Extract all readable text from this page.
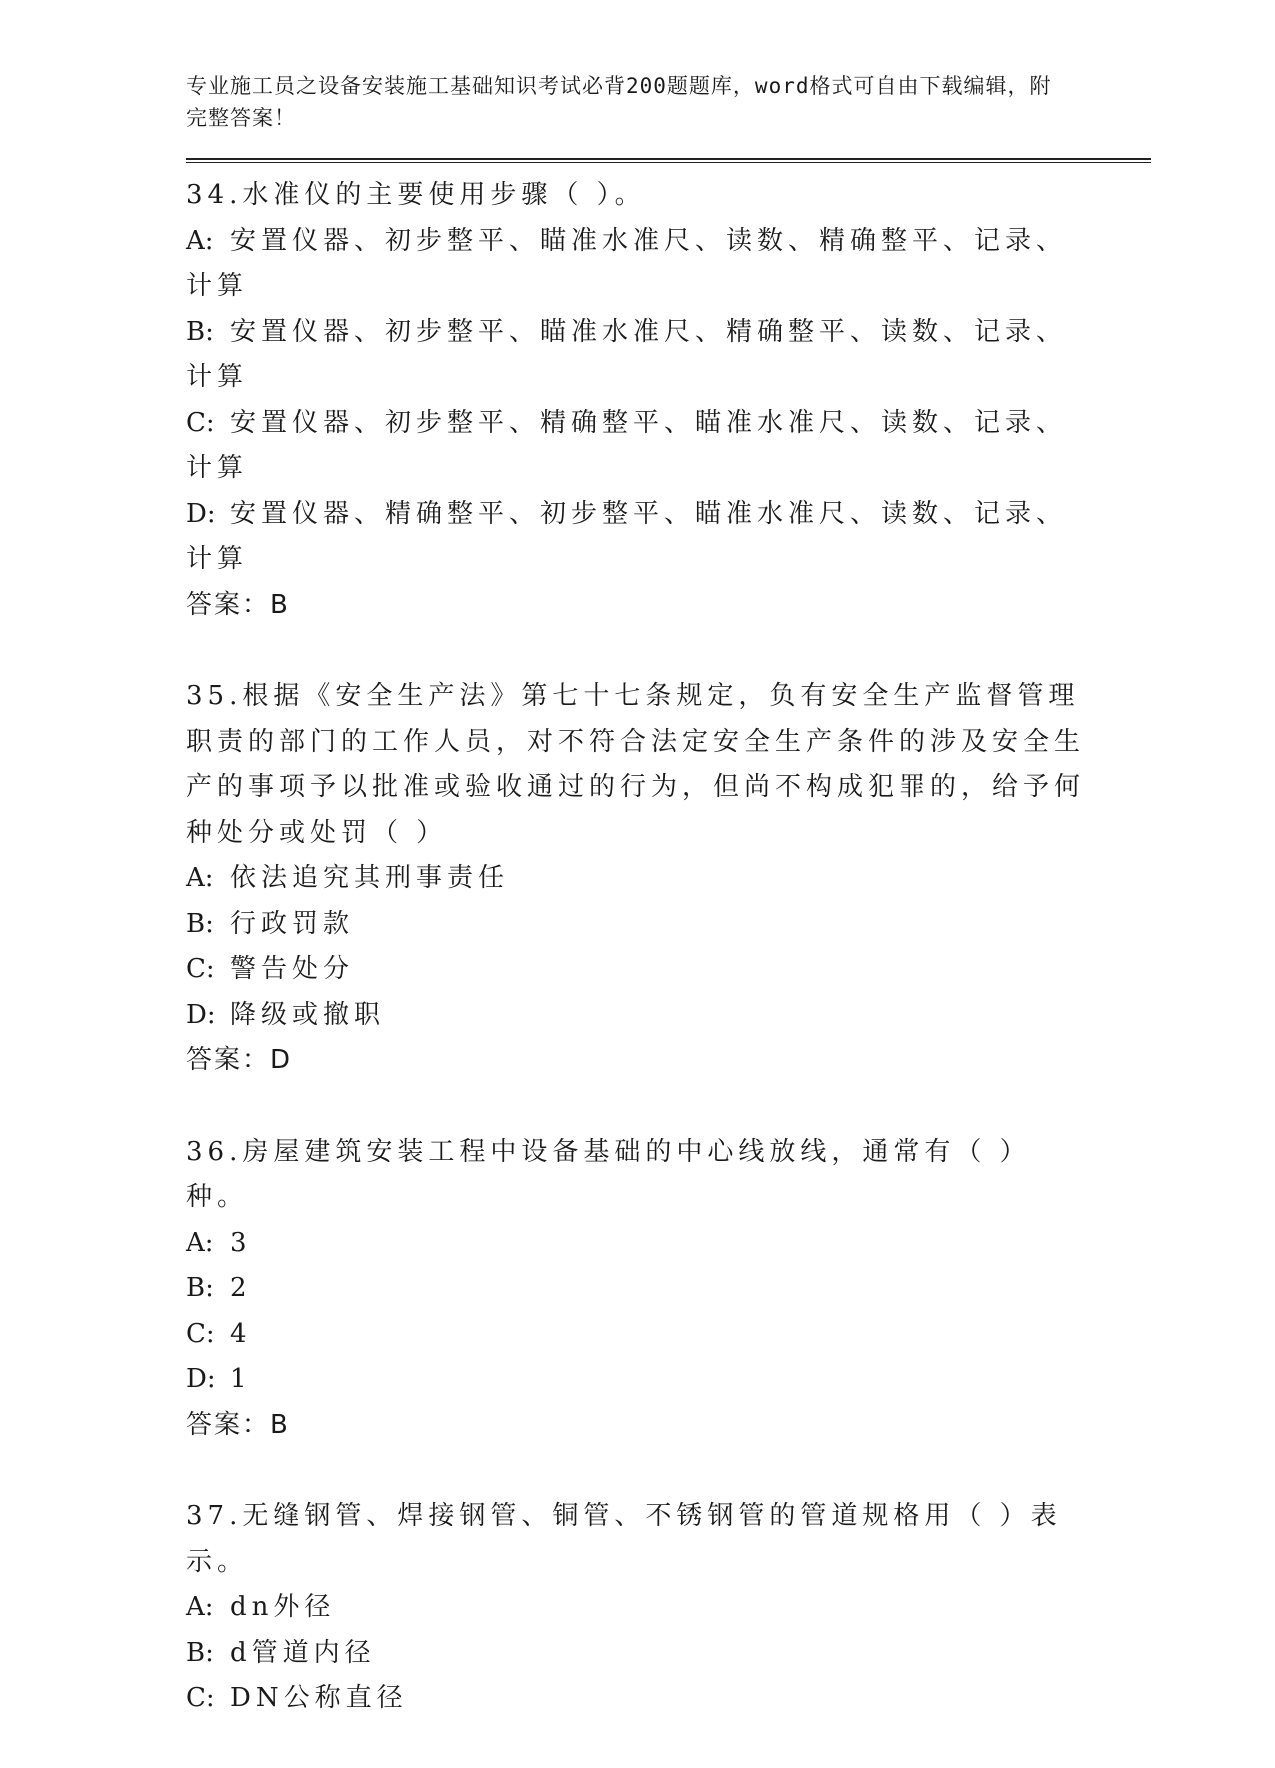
专业施工员之设备安装施工基础知识考试必背200题题库，word格式可自由下载编辑，附完整答案！
34.水准仪的主要使用步骤（ ）。
A: 安置仪器、初步整平、瞄准水准尺、读数、精确整平、记录、计算
B: 安置仪器、初步整平、瞄准水准尺、精确整平、读数、记录、计算
C: 安置仪器、初步整平、精确整平、瞄准水准尺、读数、记录、计算
D: 安置仪器、精确整平、初步整平、瞄准水准尺、读数、记录、计算
答案：B
35.根据《安全生产法》第七十七条规定，负有安全生产监督管理职责的部门的工作人员，对不符合法定安全生产条件的涉及安全生产的事项予以批准或验收通过的行为，但尚不构成犯罪的，给予何种处分或处罚（ ）
A: 依法追究其刑事责任
B: 行政罚款
C: 警告处分
D: 降级或撤职
答案：D
36.房屋建筑安装工程中设备基础的中心线放线，通常有（ ）种。
A: 3
B: 2
C: 4
D: 1
答案：B
37.无缝钢管、焊接钢管、铜管、不锈钢管的管道规格用（ ）表示。
A: dn外径
B: d管道内径
C: DN公称直径
